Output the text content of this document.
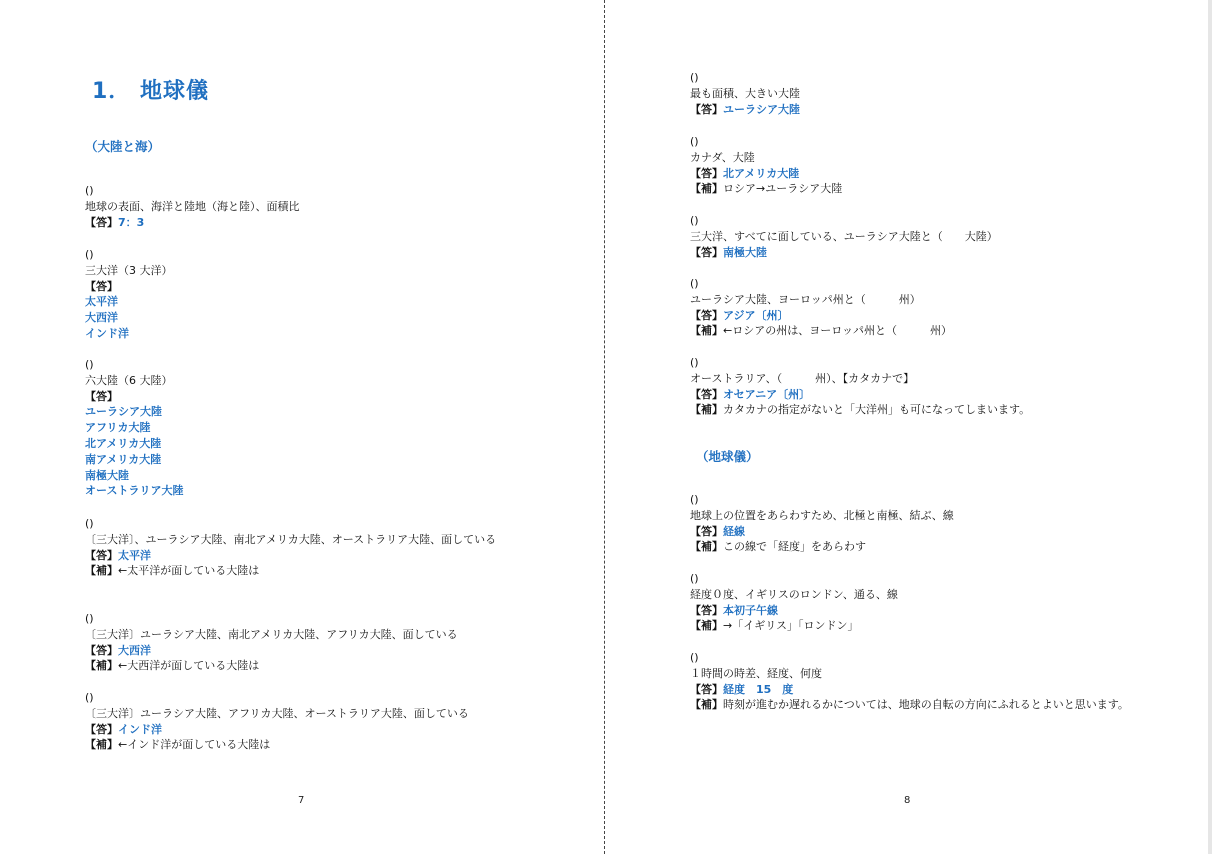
1． 地球儀

（大陸と海）

()
地球の表面、海洋と陸地（海と陸）、面積比
【答】7：3
()
三大洋（3 大洋）
【答】
太平洋
大西洋
インド洋
()
六大陸（6 大陸）
【答】
ユーラシア大陸
アフリカ大陸
北アメリカ大陸
南アメリカ大陸
南極大陸
オーストラリア大陸
()
〔三大洋〕、ユーラシア大陸、南北アメリカ大陸、オーストラリア大陸、面している
【答】太平洋
【補】←太平洋が面している大陸は
()
〔三大洋〕ユーラシア大陸、南北アメリカ大陸、アフリカ大陸、面している
【答】大西洋
【補】←大西洋が面している大陸は
()
〔三大洋〕ユーラシア大陸、アフリカ大陸、オーストラリア大陸、面している
【答】インド洋
【補】←インド洋が面している大陸は
7
()
最も面積、大きい大陸
【答】ユーラシア大陸
()
カナダ、大陸
【答】北アメリカ大陸
【補】ロシア→ユーラシア大陸
()
三大洋、すべてに面している、ユーラシア大陸と（　　大陸）
【答】南極大陸
()
ユーラシア大陸、ヨーロッパ州と（　　　州）
【答】アジア〔州〕
【補】←ロシアの州は、ヨーロッパ州と（　　　州）
()
オーストラリア、（　　　州）、【カタカナで】
【答】オセアニア〔州〕
【補】カタカナの指定がないと「大洋州」も可になってしまいます。

（地球儀）

()
地球上の位置をあらわすため、北極と南極、結ぶ、線
【答】経線
【補】この線で「経度」をあらわす
()
経度０度、イギリスのロンドン、通る、線
【答】本初子午線
【補】→「イギリス」「ロンドン」
()
１時間の時差、経度、何度
【答】経度　15　度
【補】時刻が進むか遅れるかについては、地球の自転の方向にふれるとよいと思います。
8
